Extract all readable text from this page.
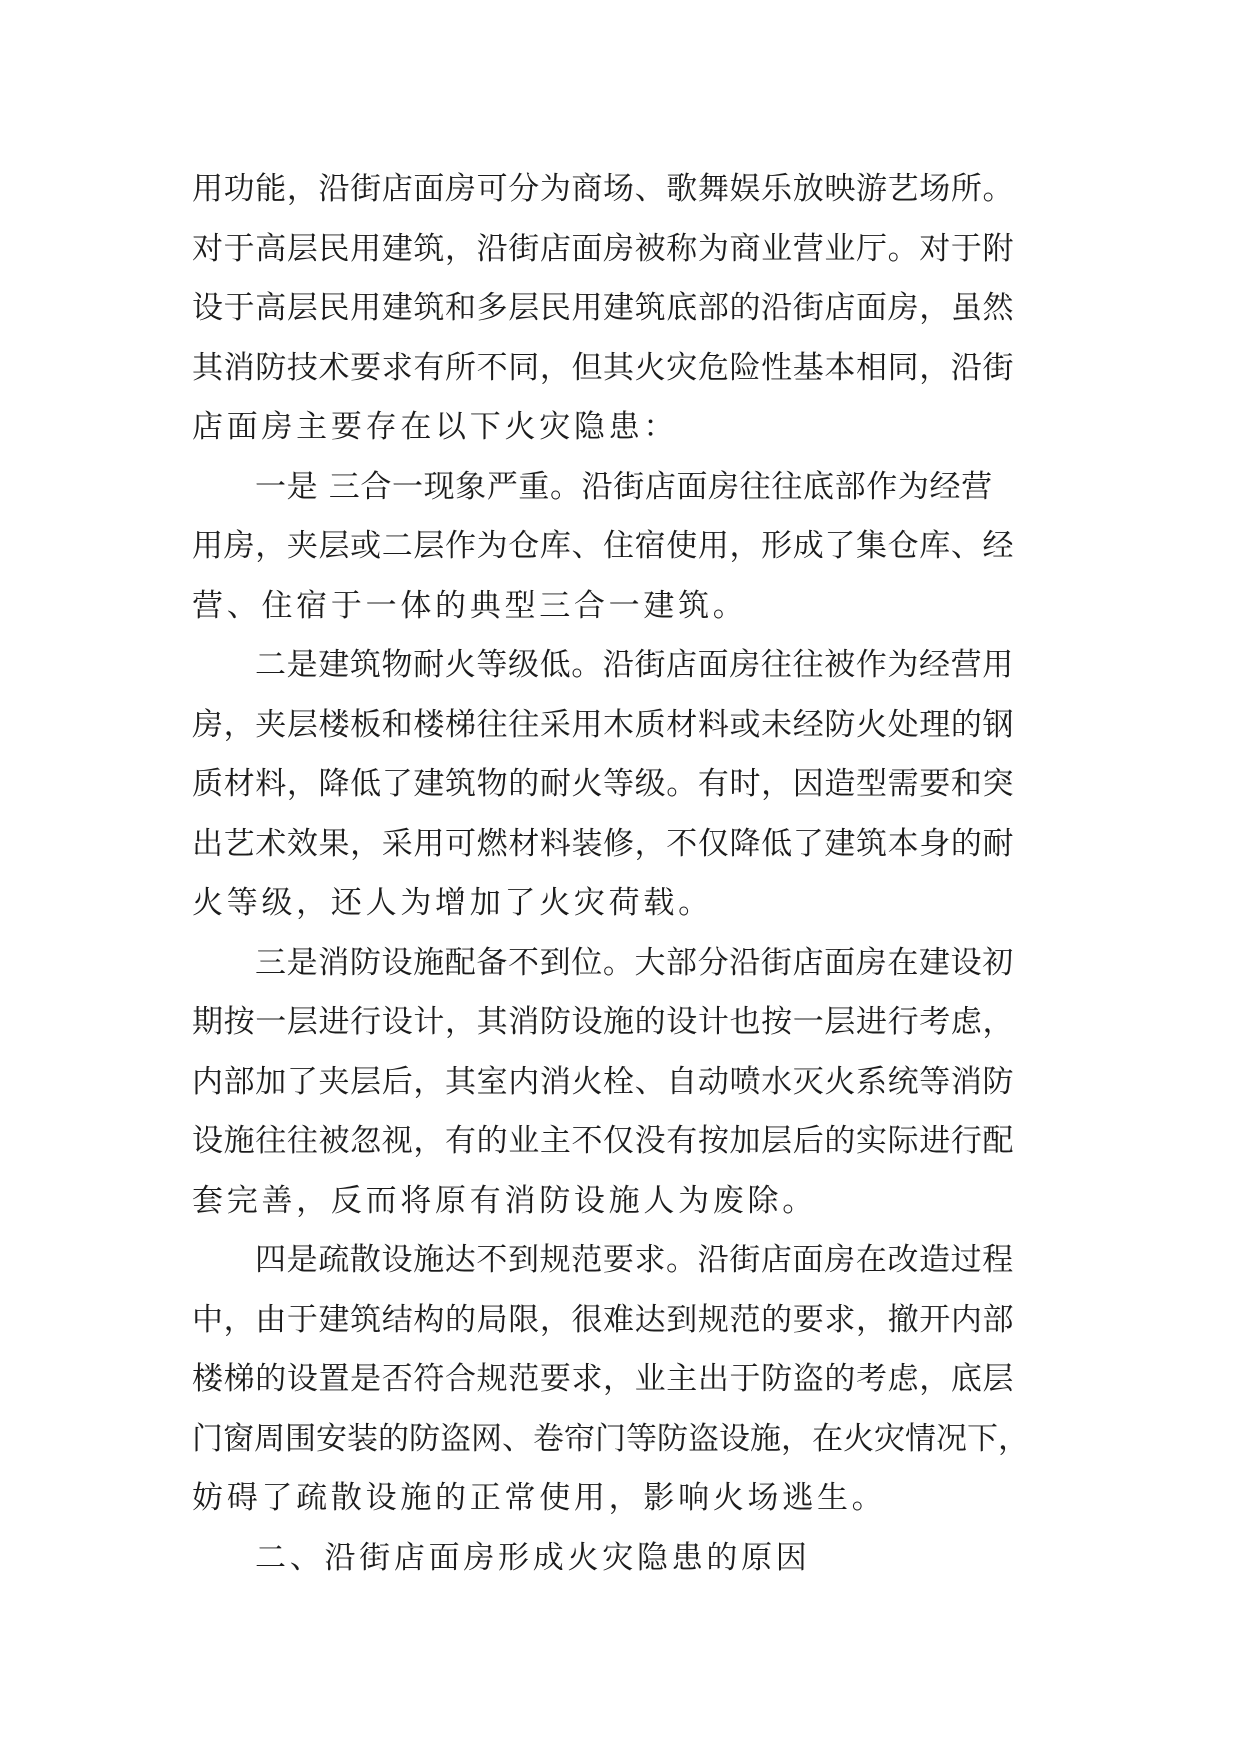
用功能，沿街店面房可分为商场、歌舞娱乐放映游艺场所。
对于高层民用建筑，沿街店面房被称为商业营业厅。对于附
设于高层民用建筑和多层民用建筑底部的沿街店面房，虽然
其消防技术要求有所不同，但其火灾危险性基本相同，沿街
店面房主要存在以下火灾隐患：
一是 三合一现象严重。沿街店面房往往底部作为经营
用房，夹层或二层作为仓库、住宿使用，形成了集仓库、经
营、住宿于一体的典型三合一建筑。
二是建筑物耐火等级低。沿街店面房往往被作为经营用
房，夹层楼板和楼梯往往采用木质材料或未经防火处理的钢
质材料，降低了建筑物的耐火等级。有时，因造型需要和突
出艺术效果，采用可燃材料装修，不仅降低了建筑本身的耐
火等级，还人为增加了火灾荷载。
三是消防设施配备不到位。大部分沿街店面房在建设初
期按一层进行设计，其消防设施的设计也按一层进行考虑，
内部加了夹层后，其室内消火栓、自动喷水灭火系统等消防
设施往往被忽视，有的业主不仅没有按加层后的实际进行配
套完善，反而将原有消防设施人为废除。
四是疏散设施达不到规范要求。沿街店面房在改造过程
中，由于建筑结构的局限，很难达到规范的要求，撤开内部
楼梯的设置是否符合规范要求，业主出于防盗的考虑，底层
门窗周围安装的防盗网、卷帘门等防盗设施，在火灾情况下，
妨碍了疏散设施的正常使用，影响火场逃生。
二、沿街店面房形成火灾隐患的原因
